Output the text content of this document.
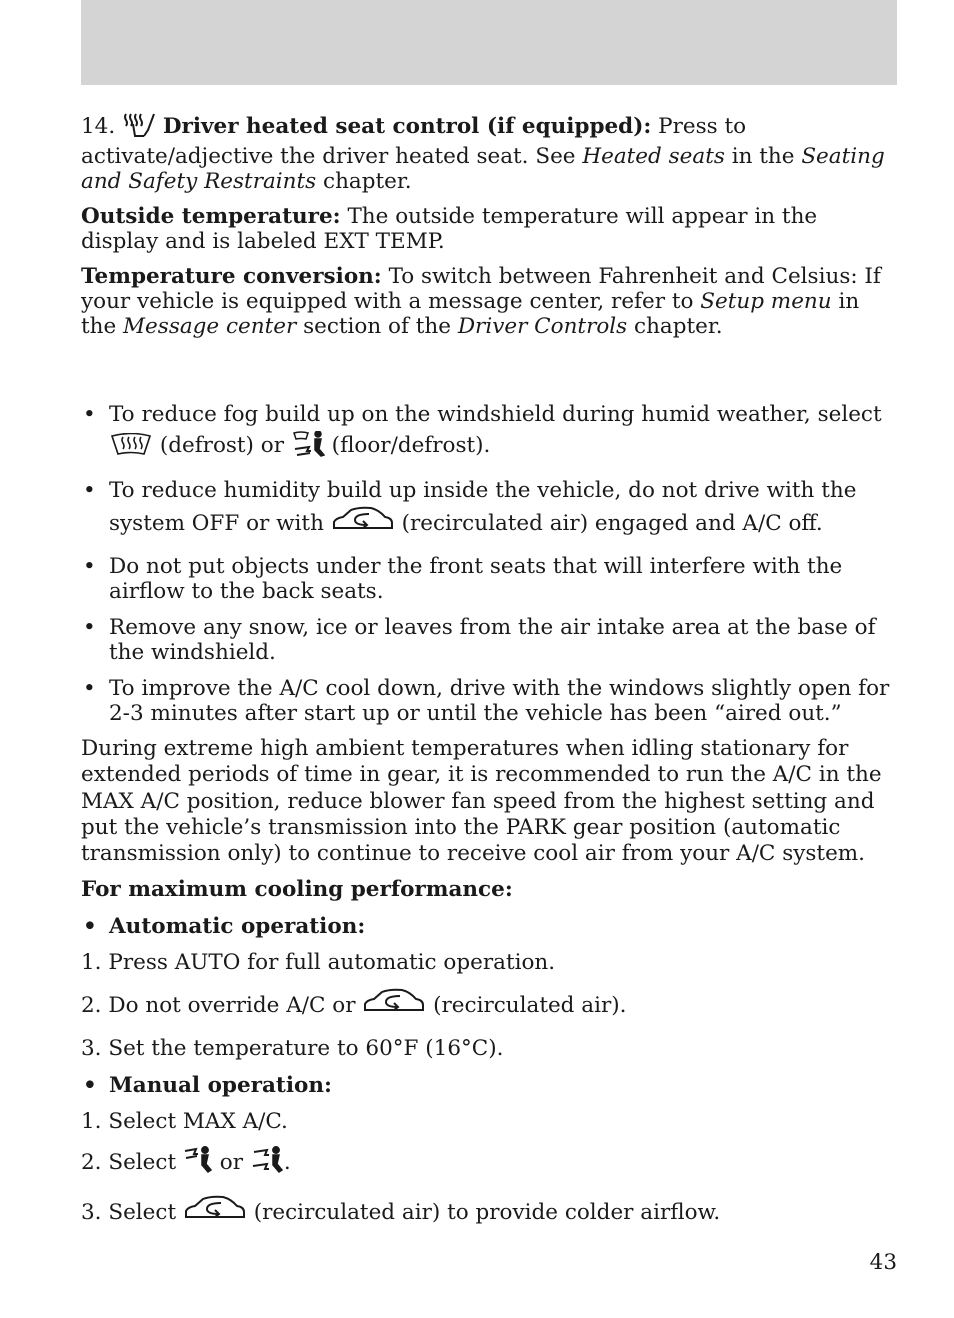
14. Driver heated seat control (if equipped): Press to activate/adjective the driver heated seat. See Heated seats in the Seating and Safety Restraints chapter.

Outside temperature: The outside temperature will appear in the display and is labeled EXT TEMP.

Temperature conversion: To switch between Fahrenheit and Celsius: If your vehicle is equipped with a message center, refer to Setup menu in the Message center section of the Driver Controls chapter.

• To reduce fog build up on the windshield during humid weather, select  (defrost) or  (floor/defrost).

• To reduce humidity build up inside the vehicle, do not drive with the system OFF or with	(recirculated air) engaged and A/C off.

• Do not put objects under the front seats that will interfere with the airflow to the back seats.

• Remove any snow, ice or leaves from the air intake area at the base of the windshield.

• To improve the A/C cool down, drive with the windows slightly open for 2-3 minutes after start up or until the vehicle has been “aired out.”

During extreme high ambient temperatures when idling stationary for extended periods of time in gear, it is recommended to run the A/C in the MAX A/C position, reduce blower fan speed from the highest setting and put the vehicle’s transmission into the PARK gear position (automatic transmission only) to continue to receive cool air from your A/C system.

For maximum cooling performance:

• Automatic operation:

1. Press AUTO for full automatic operation.

2. Do not override A/C or	(recirculated air).

3. Set the temperature to 60°F (16°C).

• Manual operation:

1. Select MAX A/C.

2. Select  or .

3. Select	(recirculated air) to provide colder airflow.

43
